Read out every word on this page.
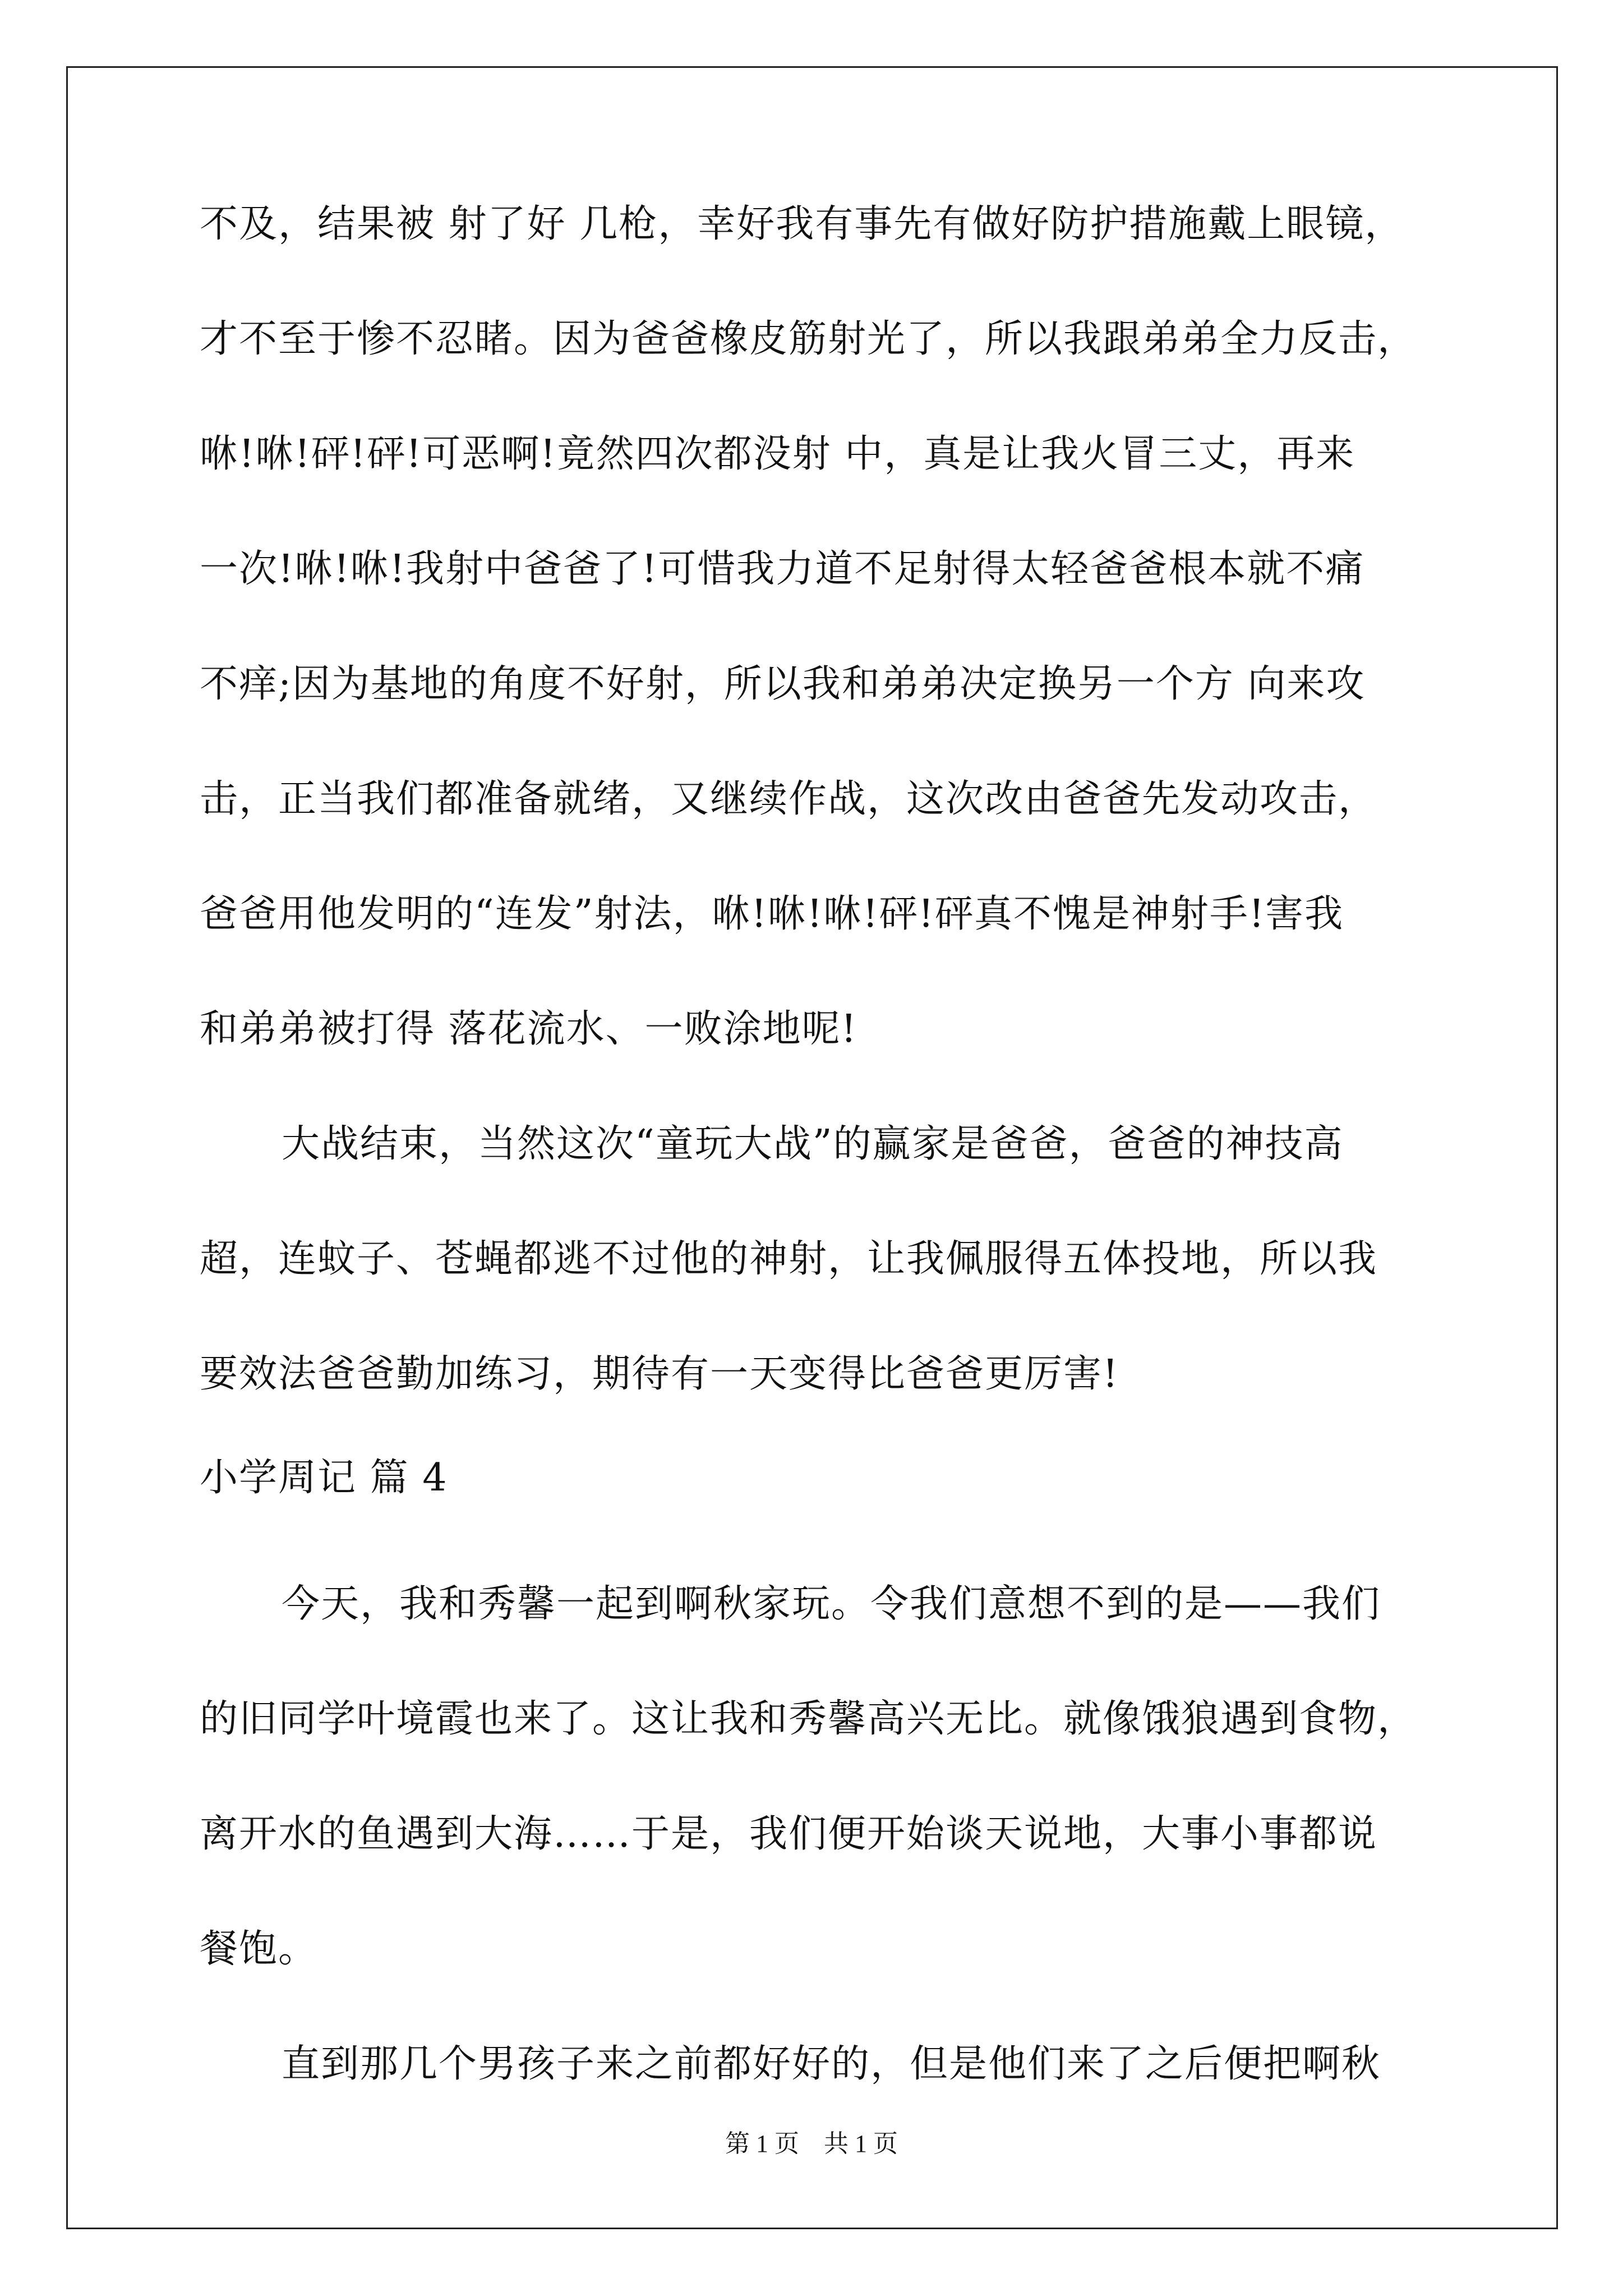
不及，结果被 射了好 几枪，幸好我有事先有做好防护措施戴上眼镜，
才不至于惨不忍睹。因为爸爸橡皮筋射光了，所以我跟弟弟全力反击，
咻!咻!砰!砰!可恶啊!竟然四次都没射 中，真是让我火冒三丈，再来
一次!咻!咻!我射中爸爸了!可惜我力道不足射得太轻爸爸根本就不痛
不痒;因为基地的角度不好射，所以我和弟弟决定换另一个方 向来攻
击，正当我们都准备就绪，又继续作战，这次改由爸爸先发动攻击，
爸爸用他发明的“连发”射法，咻!咻!咻!砰!砰真不愧是神射手!害我
和弟弟被打得 落花流水、一败涂地呢!
大战结束，当然这次“童玩大战”的赢家是爸爸，爸爸的神技高
超，连蚊子、苍蝇都逃不过他的神射，让我佩服得五体投地，所以我
要效法爸爸勤加练习，期待有一天变得比爸爸更厉害!
小学周记 篇 4
今天，我和秀馨一起到啊秋家玩。令我们意想不到的是——我们
的旧同学叶境霞也来了。这让我和秀馨高兴无比。就像饿狼遇到食物，
离开水的鱼遇到大海……于是，我们便开始谈天说地，大事小事都说
餐饱。
第 1 页　共 1 页
直到那几个男孩子来之前都好好的，但是他们来了之后便把啊秋
